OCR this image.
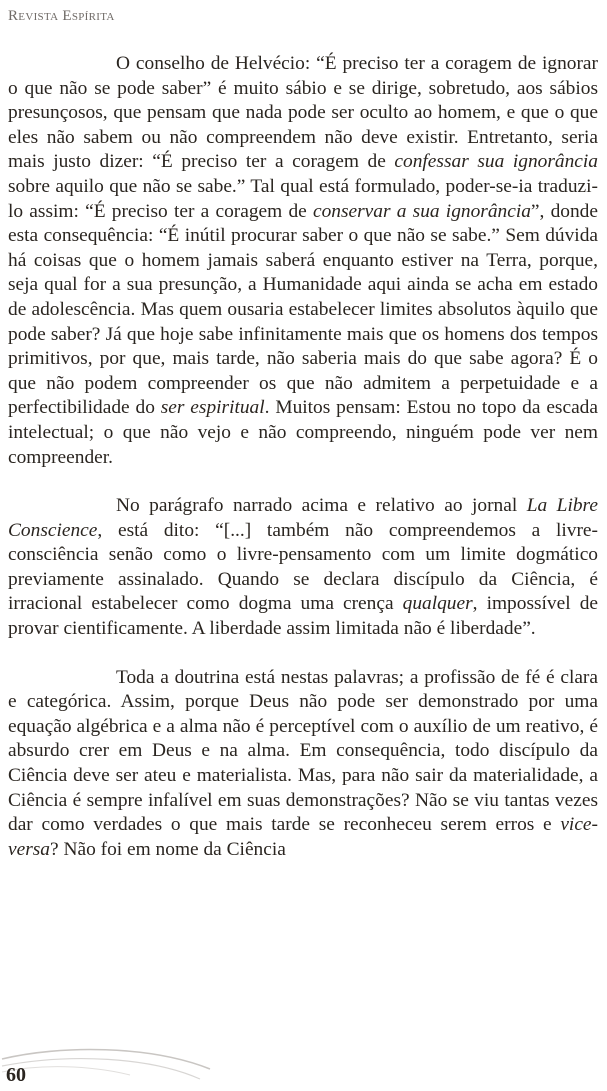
Revista Espírita

O conselho de Helvécio: “É preciso ter a coragem de ignorar o que não se pode saber” é muito sábio e se dirige, sobretudo, aos sábios presunçosos, que pensam que nada pode ser oculto ao homem, e que o que eles não sabem ou não compreendem não deve existir. Entretanto, seria mais justo dizer: “É preciso ter a coragem de confessar sua ignorância sobre aquilo que não se sabe.” Tal qual está formulado, poder-se-ia traduzi-lo assim: “É preciso ter a coragem de conservar a sua ignorância”, donde esta consequência: “É inútil procurar saber o que não se sabe.” Sem dúvida há coisas que o homem jamais saberá enquanto estiver na Terra, porque, seja qual for a sua presunção, a Humanidade aqui ainda se acha em estado de adolescência. Mas quem ousaria estabelecer limites absolutos àquilo que pode saber? Já que hoje sabe infinitamente mais que os homens dos tempos primitivos, por que, mais tarde, não saberia mais do que sabe agora? É o que não podem compreender os que não admitem a perpetuidade e a perfectibilidade do ser espiritual. Muitos pensam: Estou no topo da escada intelectual; o que não vejo e não compreendo, ninguém pode ver nem compreender.

No parágrafo narrado acima e relativo ao jornal La Libre Conscience, está dito: “[...] também não compreendemos a livre-consciência senão como o livre-pensamento com um limite dogmático previamente assinalado. Quando se declara discípulo da Ciência, é irracional estabelecer como dogma uma crença qualquer, impossível de provar cientificamente. A liberdade assim limitada não é liberdade”.

Toda a doutrina está nestas palavras; a profissão de fé é clara e categórica. Assim, porque Deus não pode ser demonstrado por uma equação algébrica e a alma não é perceptível com o auxílio de um reativo, é absurdo crer em Deus e na alma. Em consequência, todo discípulo da Ciência deve ser ateu e materialista. Mas, para não sair da materialidade, a Ciência é sempre infalível em suas demonstrações? Não se viu tantas vezes dar como verdades o que mais tarde se reconheceu serem erros e vice-versa? Não foi em nome da Ciência

60
